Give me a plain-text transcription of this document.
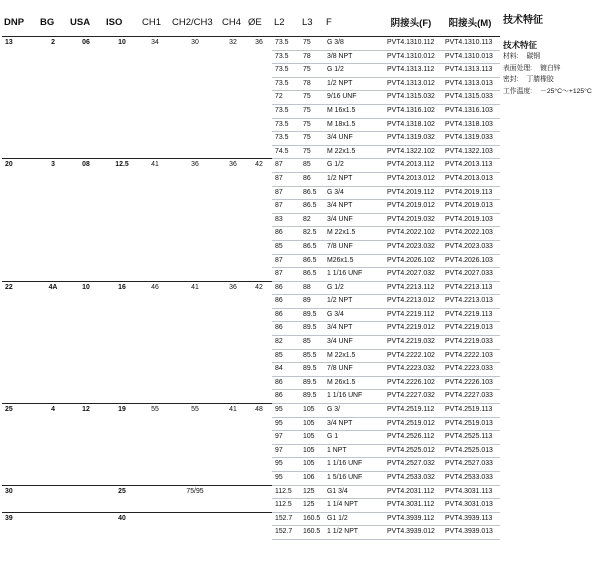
DNP	BG	USA	ISO	CH1	CH2/CH3	CH4	ØE	L2	L3	F	阴接头(F)	阳接头(M)
13	2	06	10	34	30	32	36	73.5	75	G 3/8	PVT4.1310.112	PVT4.1310.113
								73.5	78	3/8 NPT	PVT4.1310.012	PVT4.1310.013
								73.5	75	G 1/2	PVT4.1313.112	PVT4.1313.113
								73.5	78	1/2 NPT	PVT4.1313.012	PVT4.1313.013
								72	75	9/16 UNF	PVT4.1315.032	PVT4.1315.033
								73.5	75	M 16x1.5	PVT4.1316.102	PVT4.1316.103
								73.5	75	M 18x1.5	PVT4.1318.102	PVT4.1318.103
								73.5	75	3/4 UNF	PVT4.1319.032	PVT4.1319.033
								74.5	75	M 22x1.5	PVT4.1322.102	PVT4.1322.103
20	3	08	12.5	41	36	36	42	87	85	G 1/2	PVT4.2013.112	PVT4.2013.113
								87	86	1/2 NPT	PVT4.2013.012	PVT4.2013.013
								87	86.5	G 3/4	PVT4.2019.112	PVT4.2019.113
								87	86.5	3/4 NPT	PVT4.2019.012	PVT4.2019.013
								83	82	3/4 UNF	PVT4.2019.032	PVT4.2019.103
								86	82.5	M 22x1.5	PVT4.2022.102	PVT4.2022.103
								85	86.5	7/8 UNF	PVT4.2023.032	PVT4.2023.033
								87	86.5	M26x1.5	PVT4.2026.102	PVT4.2026.103
								87	86.5	1 1/16 UNF	PVT4.2027.032	PVT4.2027.033
22	4A	10	16	46	41	36	42	86	88	G 1/2	PVT4.2213.112	PVT4.2213.113
								86	89	1/2 NPT	PVT4.2213.012	PVT4.2213.013
								86	89.5	G 3/4	PVT4.2219.112	PVT4.2219.113
								86	89.5	3/4 NPT	PVT4.2219.012	PVT4.2219.013
								82	85	3/4 UNF	PVT4.2219.032	PVT4.2219.033
								85	85.5	M 22x1.5	PVT4.2222.102	PVT4.2222.103
								84	89.5	7/8 UNF	PVT4.2223.032	PVT4.2223.033
								86	89.5	M 26x1.5	PVT4.2226.102	PVT4.2226.103
								86	89.5	1 1/16 UNF	PVT4.2227.032	PVT4.2227.033
25	4	12	19	55	55	41	48	95	105	G 3/	PVT4.2519.112	PVT4.2519.113
								95	105	3/4 NPT	PVT4.2519.012	PVT4.2519.013
								97	105	G 1	PVT4.2526.112	PVT4.2525.113
								97	105	1 NPT	PVT4.2525.012	PVT4.2525.013
								95	105	1 1/16 UNF	PVT4.2527.032	PVT4.2527.033
								95	106	1 5/16 UNF	PVT4.2533.032	PVT4.2533.033
30			25		75/95			112.5	125	G1 3/4	PVT4.2031.112	PVT4.3031.113
								112.5	125	1 1/4 NPT	PVT4.3031.112	PVT4.3031.013
39			40					152.7	160.5	G1 1/2	PVT4.3939.112	PVT4.3939.113
								152.7	160.5	1 1/2 NPT	PVT4.3939.012	PVT4.3939.013
技术特征
技术特征
材料: 碳钢
表面处理: 镀白锌
密封: 丁腈橡胶
工作温度: －25°C～+125°C
